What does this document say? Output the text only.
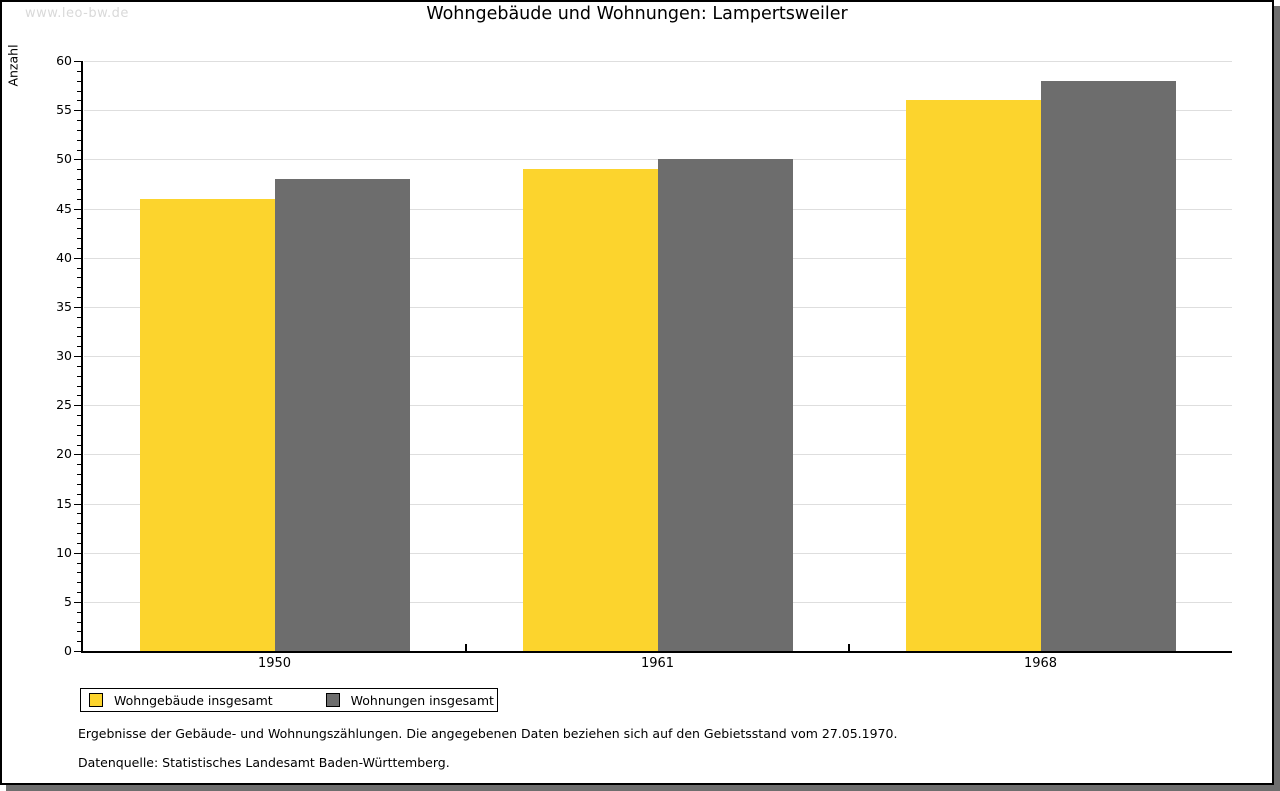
www.leo-bw.de	Wohngebäude und Wohnungen: Lampertsweiler
Anzahl
1950	1961	1968
0
5
10
15
20
25
30
35
40
45
50
55
60
Wohngebäude insgesamt	Wohnungen insgesamt
Ergebnisse der Gebäude- und Wohnungszählungen. Die angegebenen Daten beziehen sich auf den Gebietsstand vom 27.05.1970.
Datenquelle: Statistisches Landesamt Baden-Württemberg.
